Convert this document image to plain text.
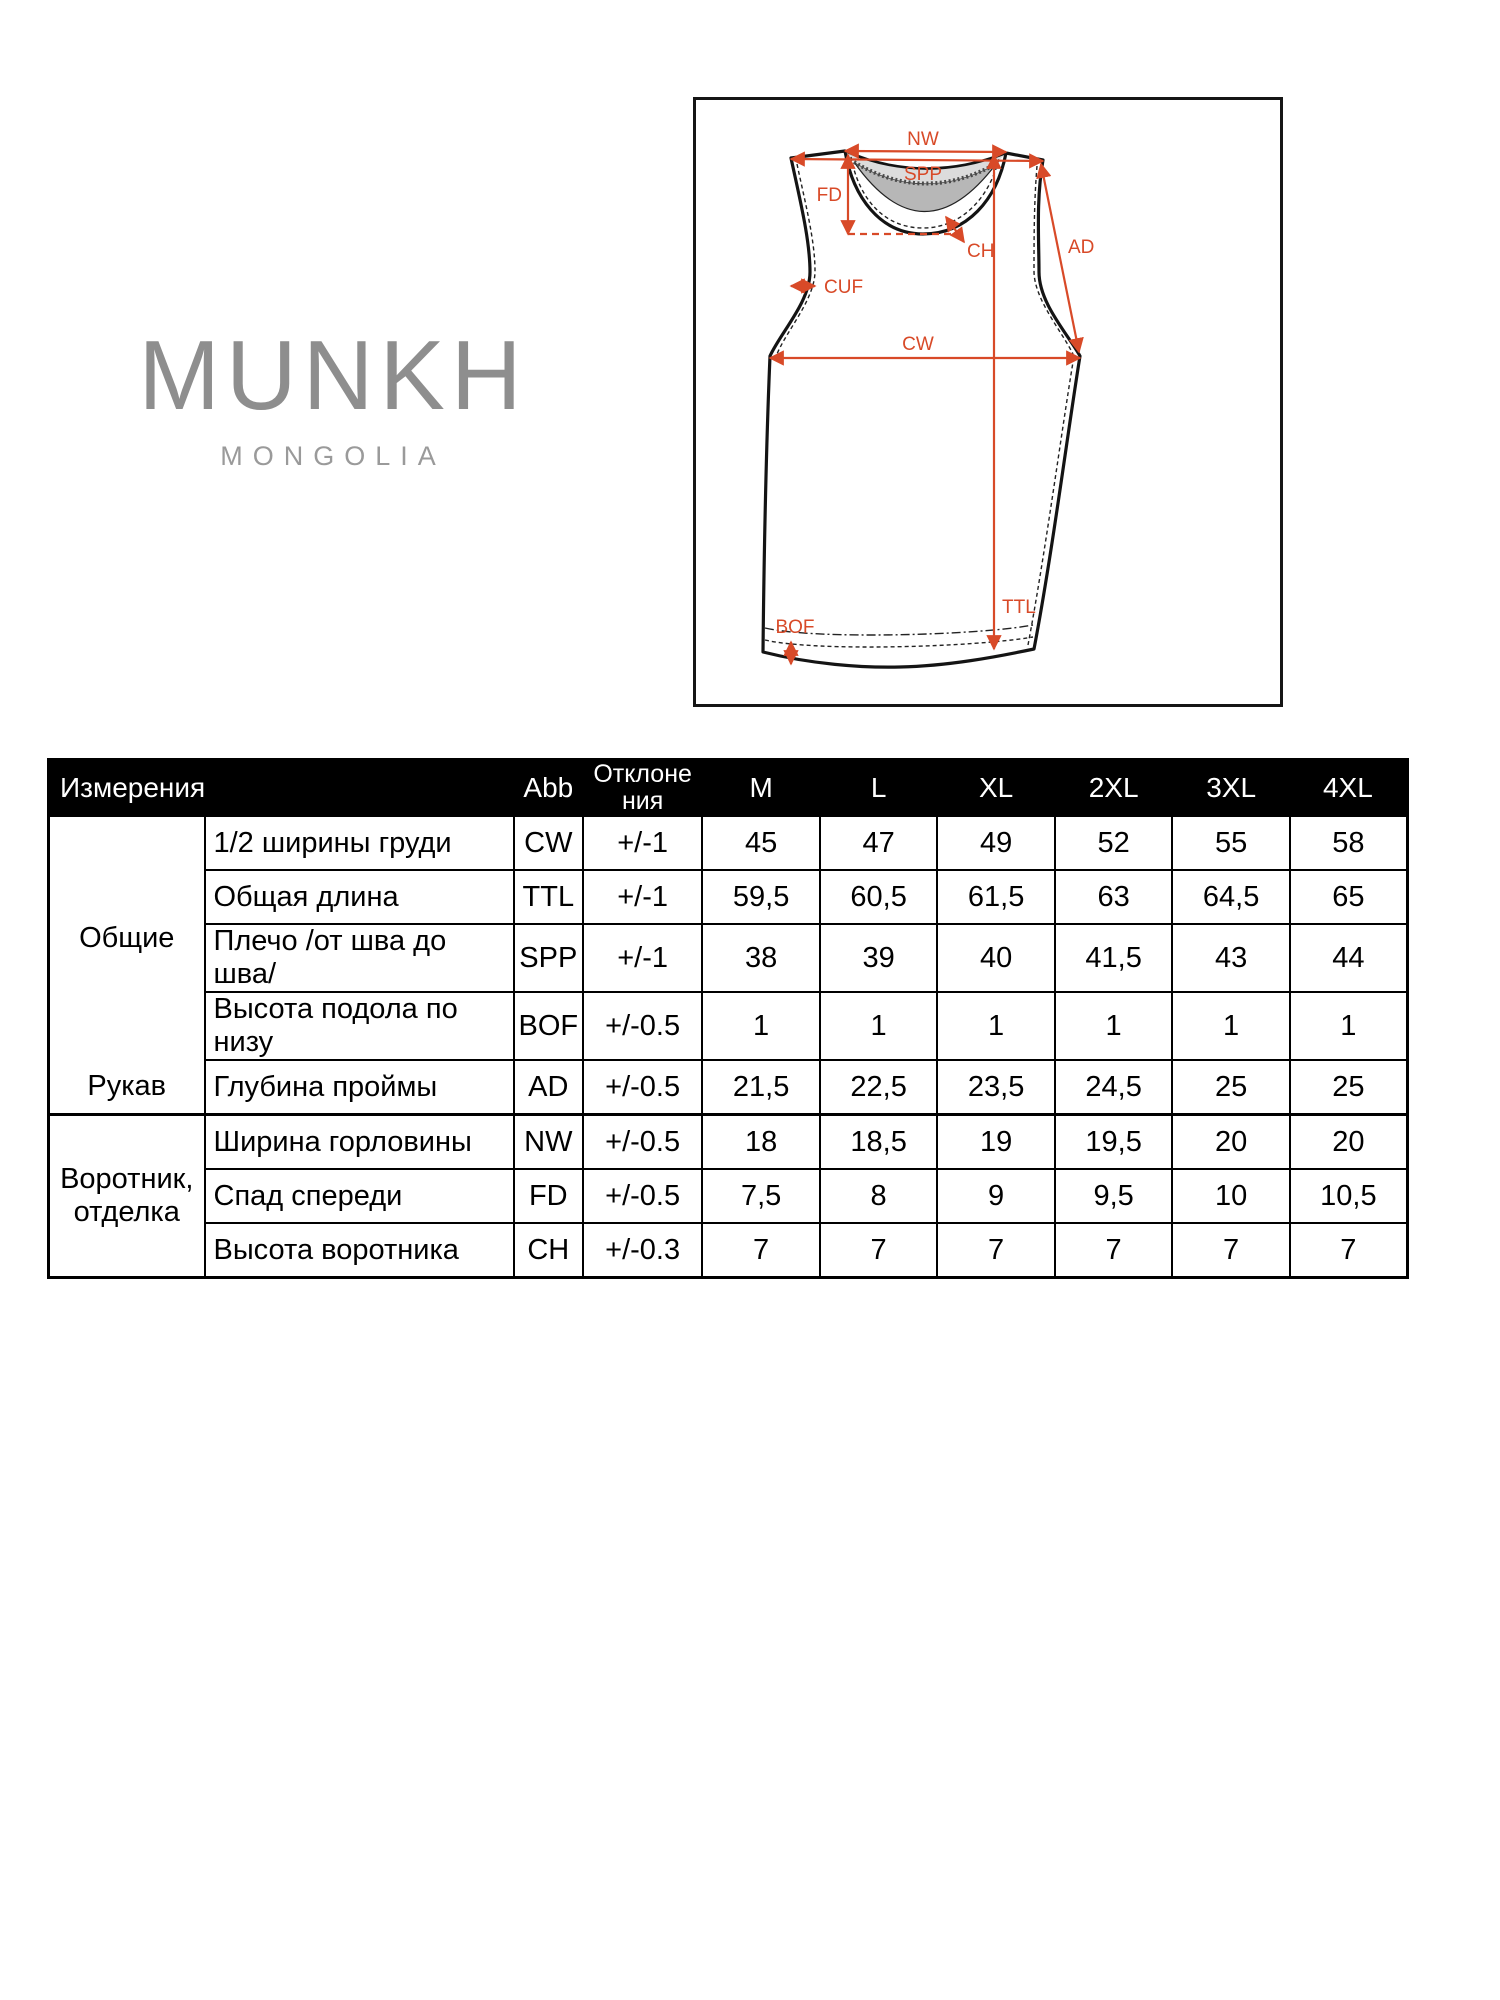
MUNKH
MONGOLIA
NW
SPP
FD
CH
CUF
CW
AD
TTL
BOF
Измерения		Abb	Отклоне ния	M	L	XL	2XL	3XL	4XL
Общие	1/2 ширины груди	CW	+/-1	45	47	49	52	55	58
	Общая длина	TTL	+/-1	59,5	60,5	61,5	63	64,5	65
	Плечо /от шва до шва/	SPP	+/-1	38	39	40	41,5	43	44
	Высота подола по низу	BOF	+/-0.5	1	1	1	1	1	1
Рукав	Глубина проймы	AD	+/-0.5	21,5	22,5	23,5	24,5	25	25
Воротник, отделка	Ширина горловины	NW	+/-0.5	18	18,5	19	19,5	20	20
	Спад спереди	FD	+/-0.5	7,5	8	9	9,5	10	10,5
	Высота воротника	CH	+/-0.3	7	7	7	7	7	7
